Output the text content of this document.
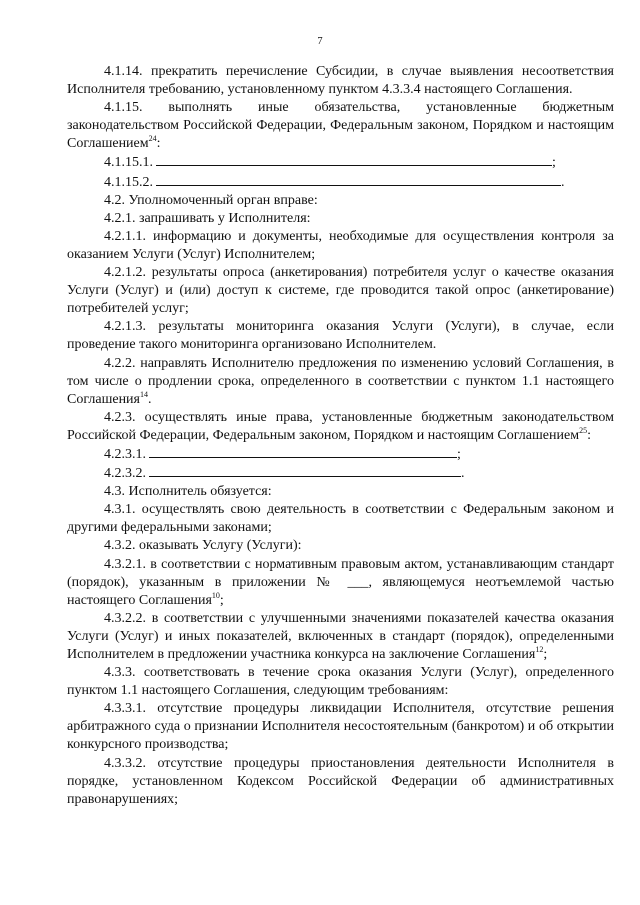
7

4.1.14. прекратить перечисление Субсидии, в случае выявления несоответствия Исполнителя требованию, установленному пунктом 4.3.3.4 настоящего Соглашения.

4.1.15. выполнять иные обязательства, установленные бюджетным законодательством Российской Федерации, Федеральным законом, Порядком и настоящим Соглашением$^{24}$:

4.1.15.1.	;

4.1.15.2.	.

4.2. Уполномоченный орган вправе:

4.2.1. запрашивать у Исполнителя:

4.2.1.1. информацию и документы, необходимые для осуществления контроля за оказанием Услуги (Услуг) Исполнителем;

4.2.1.2. результаты опроса (анкетирования) потребителя услуг о качестве оказания Услуги (Услуг) и (или) доступ к системе, где проводится такой опрос (анкетирование) потребителей услуг;

4.2.1.3. результаты мониторинга оказания Услуги (Услуги), в случае, если проведение такого мониторинга организовано Исполнителем.

4.2.2. направлять Исполнителю предложения по изменению условий Соглашения, в том числе о продлении срока, определенного в соответствии с пунктом 1.1 настоящего Соглашения$^{14}$.

4.2.3. осуществлять иные права, установленные бюджетным законодательством Российской Федерации, Федеральным законом, Порядком и настоящим Соглашением$^{25}$:

4.2.3.1.	;

4.2.3.2.	.

4.3. Исполнитель обязуется:

4.3.1. осуществлять свою деятельность в соответствии с Федеральным законом и другими федеральными законами;

4.3.2. оказывать Услугу (Услуги):

4.3.2.1. в соответствии с нормативным правовым актом, устанавливающим стандарт (порядок), указанным в приложении № ___, являющемуся неотъемлемой частью настоящего Соглашения$^{10}$;

4.3.2.2. в соответствии с улучшенными значениями показателей качества оказания Услуги (Услуг) и иных показателей, включенных в стандарт (порядок), определенными Исполнителем в предложении участника конкурса на заключение Соглашения$^{12}$;

4.3.3. соответствовать в течение срока оказания Услуги (Услуг), определенного пунктом 1.1 настоящего Соглашения, следующим требованиям:

4.3.3.1. отсутствие процедуры ликвидации Исполнителя, отсутствие решения арбитражного суда о признании Исполнителя несостоятельным (банкротом) и об открытии конкурсного производства;

4.3.3.2. отсутствие процедуры приостановления деятельности Исполнителя в порядке, установленном Кодексом Российской Федерации об административных правонарушениях;
